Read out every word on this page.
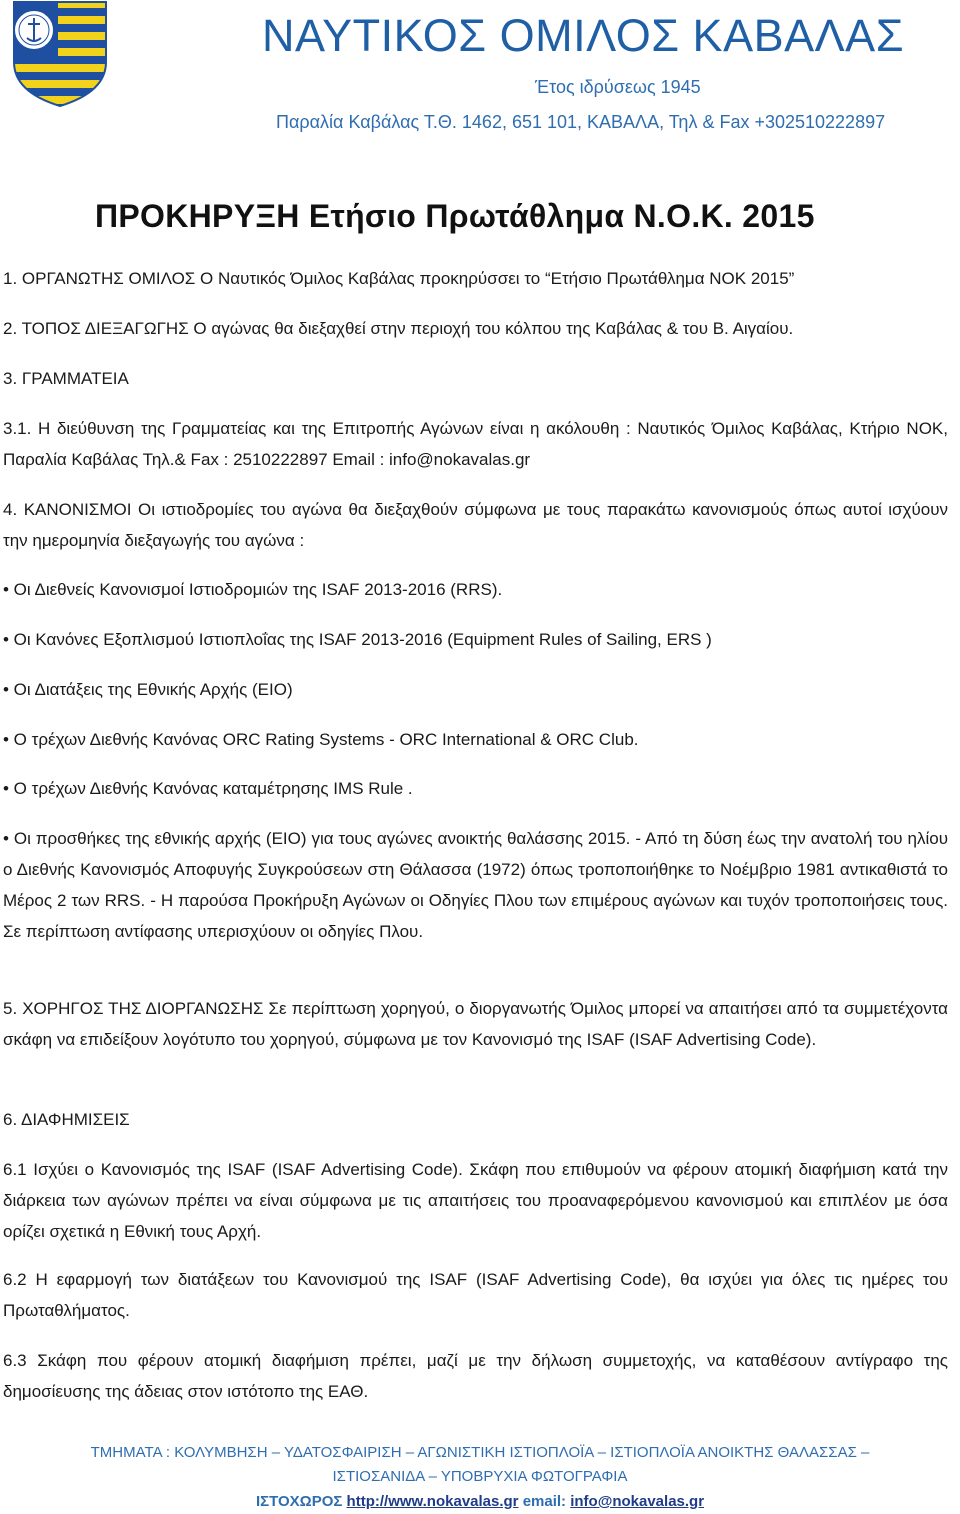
ΝΑΥΤΙΚΟΣ ΟΜΙΛΟΣ ΚΑΒΑΛΑΣ
Έτος ιδρύσεως 1945
Παραλία Καβάλας Τ.Θ. 1462, 651 101, ΚΑΒΑΛΑ, Τηλ & Fax +302510222897
ΠΡΟΚΗΡΥΞΗ Ετήσιο Πρωτάθλημα Ν.Ο.Κ. 2015
1. ΟΡΓΑΝΩΤΗΣ ΟΜΙΛΟΣ Ο Ναυτικός Όμιλος Καβάλας προκηρύσσει το “Ετήσιο Πρωτάθλημα ΝΟΚ 2015”
2. ΤΟΠΟΣ ΔΙΕΞΑΓΩΓΗΣ Ο αγώνας θα διεξαχθεί στην περιοχή του κόλπου της Καβάλας & του Β. Αιγαίου.
3. ΓΡΑΜΜΑΤΕΙΑ
3.1. Η διεύθυνση της Γραμματείας και της Επιτροπής Αγώνων είναι η ακόλουθη : Ναυτικός Όμιλος Καβάλας, Κτήριο ΝΟΚ, Παραλία Καβάλας Τηλ.& Fax : 2510222897 Email : info@nokavalas.gr
4. ΚΑΝΟΝΙΣΜΟΙ Οι ιστιοδρομίες του αγώνα θα διεξαχθούν σύμφωνα με τους παρακάτω κανονισμούς όπως αυτοί ισχύουν την ημερομηνία διεξαγωγής του αγώνα :
• Οι Διεθνείς Κανονισμοί Ιστιοδρομιών της ISAF 2013-2016 (RRS).
• Οι Κανόνες Εξοπλισμού Ιστιοπλοΐας της ISAF 2013-2016 (Equipment Rules of Sailing, ERS )
• Οι Διατάξεις της Εθνικής Αρχής (ΕΙΟ)
• Ο τρέχων Διεθνής Κανόνας ORC Rating Systems - ORC International & ORC Club.
• Ο τρέχων Διεθνής Κανόνας καταμέτρησης IMS Rule .
• Οι προσθήκες της εθνικής αρχής (ΕΙΟ) για τους αγώνες ανοικτής θαλάσσης 2015. - Από τη δύση έως την ανατολή του ηλίου ο Διεθνής Κανονισμός Αποφυγής Συγκρούσεων στη Θάλασσα (1972) όπως τροποποιήθηκε το Νοέμβριο 1981 αντικαθιστά το Μέρος 2 των RRS. - Η παρούσα Προκήρυξη Αγώνων οι Οδηγίες Πλου των επιμέρους αγώνων και τυχόν τροποποιήσεις τους. Σε περίπτωση αντίφασης υπερισχύουν οι οδηγίες Πλου.
5. ΧΟΡΗΓΟΣ ΤΗΣ ΔΙΟΡΓΑΝΩΣΗΣ Σε περίπτωση χορηγού, ο διοργανωτής Όμιλος μπορεί να απαιτήσει από τα συμμετέχοντα σκάφη να επιδείξουν λογότυπο του χορηγού, σύμφωνα με τον Κανονισμό της ISAF (ISAF Advertising Code).
6. ΔΙΑΦΗΜΙΣΕΙΣ
6.1 Ισχύει ο Κανονισμός της ISAF (ISAF Advertising Code). Σκάφη που επιθυμούν να φέρουν ατομική διαφήμιση κατά την διάρκεια των αγώνων πρέπει να είναι σύμφωνα με τις απαιτήσεις του προαναφερόμενου κανονισμού και επιπλέον με όσα ορίζει σχετικά η Εθνική τους Αρχή.
6.2 Η εφαρμογή των διατάξεων του Κανονισμού της ISAF (ISAF Advertising Code), θα ισχύει για όλες τις ημέρες του Πρωταθλήματος.
6.3 Σκάφη που φέρουν ατομική διαφήμιση πρέπει, μαζί με την δήλωση συμμετοχής, να καταθέσουν αντίγραφο της δημοσίευσης της άδειας στον ιστότοπο της ΕΑΘ.
ΤΜΗΜΑΤΑ : ΚΟΛΥΜΒΗΣΗ – ΥΔΑΤΟΣΦΑΙΡΙΣΗ – ΑΓΩΝΙΣΤΙΚΗ ΙΣΤΙΟΠΛΟΪΑ – ΙΣΤΙΟΠΛΟΪΑ ΑΝΟΙΚΤΗΣ ΘΑΛΑΣΣΑΣ –
ΙΣΤΙΟΣΑΝΙΔΑ – ΥΠΟΒΡΥΧΙΑ ΦΩΤΟΓΡΑΦΙΑ
ΙΣΤΟΧΩΡΟΣ http://www.nokavalas.gr email: info@nokavalas.gr
